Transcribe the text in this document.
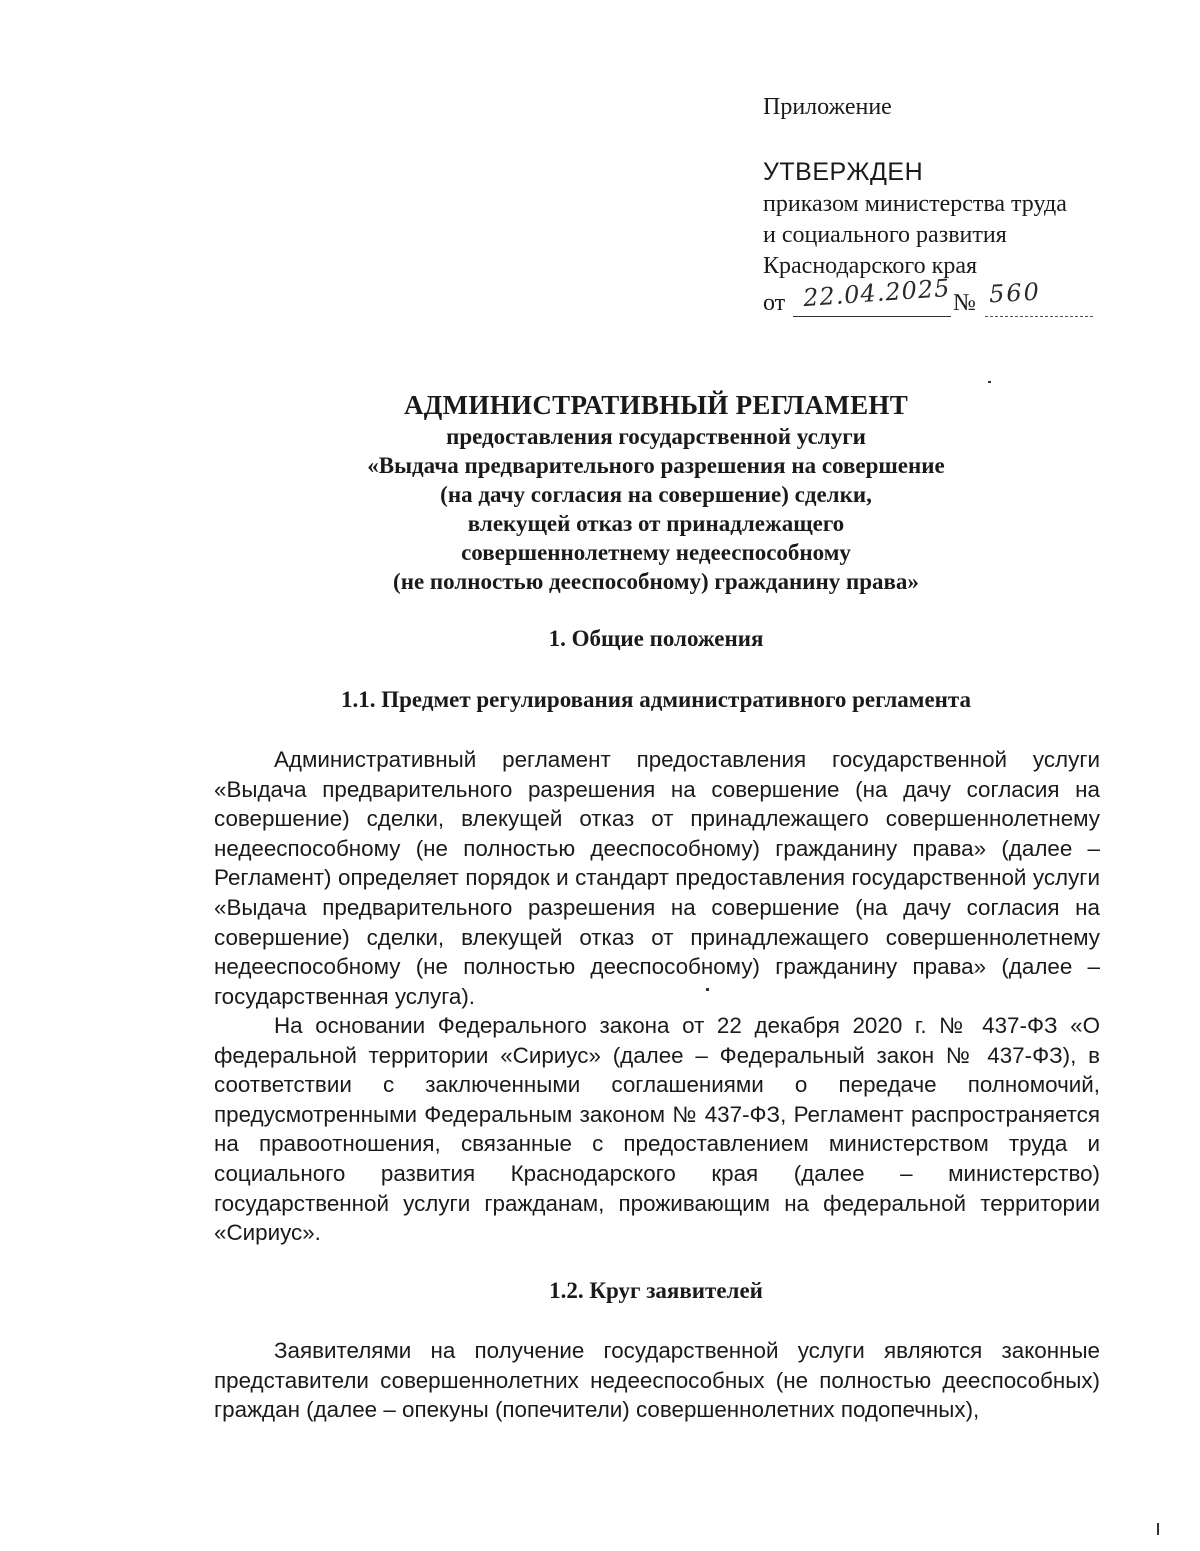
Приложение

УТВЕРЖДЕН

приказом министерства труда

и социального развития

Краснодарского края

от 22.04.2025 № 560
АДМИНИСТРАТИВНЫЙ РЕГЛАМЕНТ
предоставления государственной услуги
«Выдача предварительного разрешения на совершение
(на дачу согласия на совершение) сделки,
влекущей отказ от принадлежащего
совершеннолетнему недееспособному
(не полностью дееспособному) гражданину права»
1. Общие положения
1.1. Предмет регулирования административного регламента

Административный регламент предоставления государственной услуги «Выдача предварительного разрешения на совершение (на дачу согласия на совершение) сделки, влекущей отказ от принадлежащего совершеннолетнему недееспособному (не полностью дееспособному) гражданину права» (далее – Регламент) определяет порядок и стандарт предоставления государственной услуги «Выдача предварительного разрешения на совершение (на дачу согласия на совершение) сделки, влекущей отказ от принадлежащего совершеннолетнему недееспособному (не полностью дееспособному) гражданину права» (далее – государственная услуга).

На основании Федерального закона от 22 декабря 2020 г. № 437-ФЗ «О федеральной территории «Сириус» (далее – Федеральный закон № 437-ФЗ), в соответствии с заключенными соглашениями о передаче полномочий, предусмотренными Федеральным законом № 437-ФЗ, Регламент распространяется на правоотношения, связанные с предоставлением министерством труда и социального развития Краснодарского края (далее – министерство) государственной услуги гражданам, проживающим на федеральной территории «Сириус».

1.2. Круг заявителей

Заявителями на получение государственной услуги являются законные представители совершеннолетних недееспособных (не полностью дееспособных) граждан (далее – опекуны (попечители) совершеннолетних подопечных),
